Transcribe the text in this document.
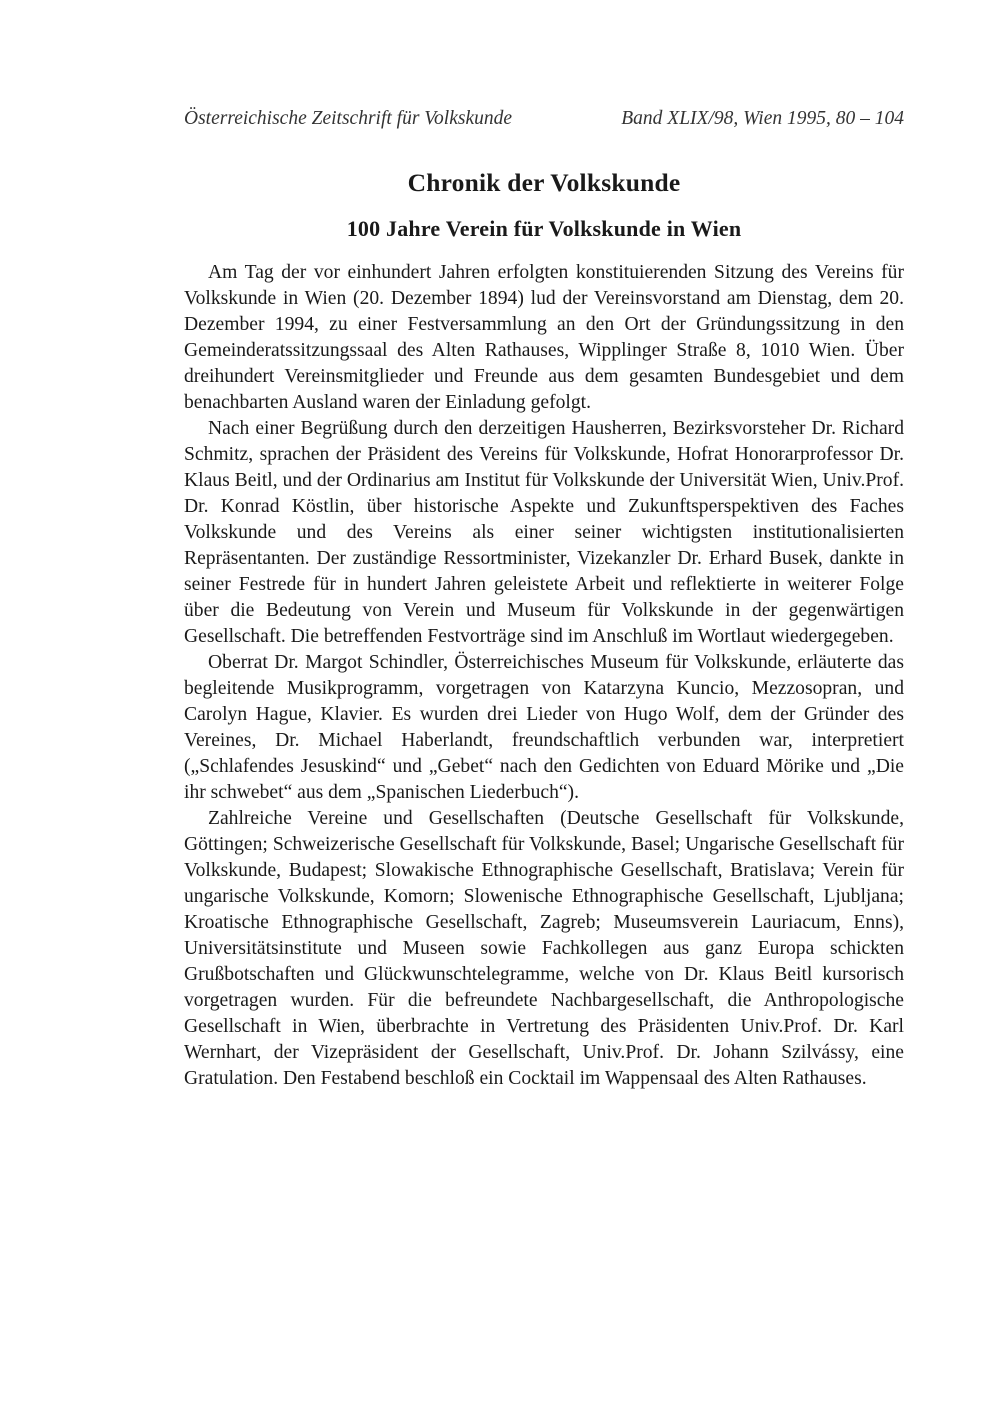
Österreichische Zeitschrift für Volkskunde	Band XLIX/98, Wien 1995, 80 – 104
Chronik der Volkskunde
100 Jahre Verein für Volkskunde in Wien

Am Tag der vor einhundert Jahren erfolgten konstituierenden Sitzung des Vereins für Volkskunde in Wien (20. Dezember 1894) lud der Vereinsvorstand am Dienstag, dem 20. Dezember 1994, zu einer Festversammlung an den Ort der Gründungssitzung in den Gemeinderatssitzungssaal des Alten Rathauses, Wipplinger Straße 8, 1010 Wien. Über dreihundert Vereinsmitglieder und Freunde aus dem gesamten Bundesgebiet und dem benachbarten Ausland waren der Einladung gefolgt.

Nach einer Begrüßung durch den derzeitigen Hausherren, Bezirksvorsteher Dr. Richard Schmitz, sprachen der Präsident des Vereins für Volkskunde, Hofrat Honorarprofessor Dr. Klaus Beitl, und der Ordinarius am Institut für Volkskunde der Universität Wien, Univ.Prof. Dr. Konrad Köstlin, über historische Aspekte und Zukunftsperspektiven des Faches Volkskunde und des Vereins als einer seiner wichtigsten institutionalisierten Repräsentanten. Der zuständige Ressortminister, Vizekanzler Dr. Erhard Busek, dankte in seiner Festrede für in hundert Jahren geleistete Arbeit und reflektierte in weiterer Folge über die Bedeutung von Verein und Museum für Volkskunde in der gegenwärtigen Gesellschaft. Die betreffenden Festvorträge sind im Anschluß im Wortlaut wiedergegeben.

Oberrat Dr. Margot Schindler, Österreichisches Museum für Volkskunde, erläuterte das begleitende Musikprogramm, vorgetragen von Katarzyna Kuncio, Mezzosopran, und Carolyn Hague, Klavier. Es wurden drei Lieder von Hugo Wolf, dem der Gründer des Vereines, Dr. Michael Haberlandt, freundschaftlich verbunden war, interpretiert („Schlafendes Jesuskind“ und „Gebet“ nach den Gedichten von Eduard Mörike und „Die ihr schwebet“ aus dem „Spanischen Liederbuch“).

Zahlreiche Vereine und Gesellschaften (Deutsche Gesellschaft für Volkskunde, Göttingen; Schweizerische Gesellschaft für Volkskunde, Basel; Ungarische Gesellschaft für Volkskunde, Budapest; Slowakische Ethnographische Gesellschaft, Bratislava; Verein für ungarische Volkskunde, Komorn; Slowenische Ethnographische Gesellschaft, Ljubljana; Kroatische Ethnographische Gesellschaft, Zagreb; Museumsverein Lauriacum, Enns), Universitätsinstitute und Museen sowie Fachkollegen aus ganz Europa schickten Grußbotschaften und Glückwunschtelegramme, welche von Dr. Klaus Beitl kursorisch vorgetragen wurden. Für die befreundete Nachbargesellschaft, die Anthropologische Gesellschaft in Wien, überbrachte in Vertretung des Präsidenten Univ.Prof. Dr. Karl Wernhart, der Vizepräsident der Gesellschaft, Univ.Prof. Dr. Johann Szilvássy, eine Gratulation. Den Festabend beschloß ein Cocktail im Wappensaal des Alten Rathauses.
